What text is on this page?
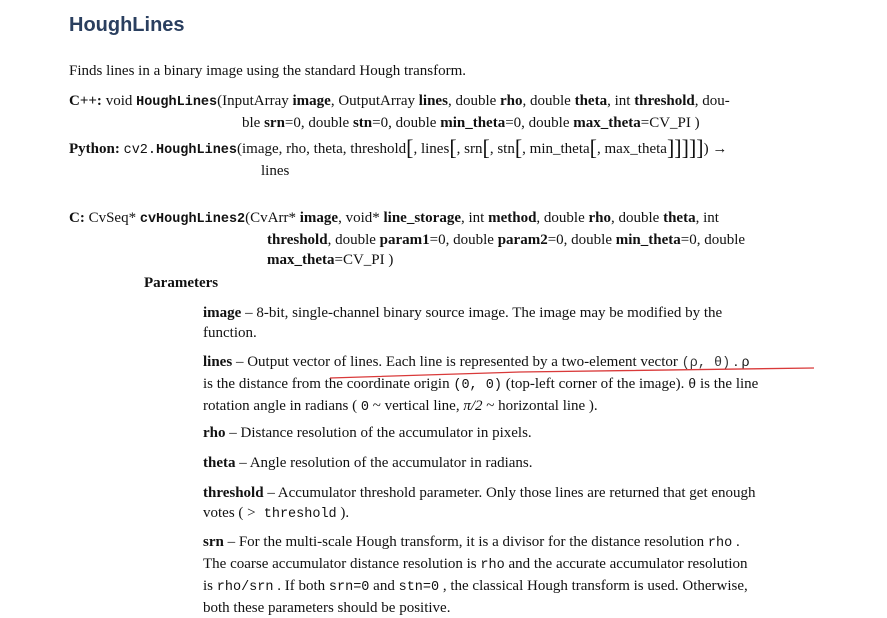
HoughLines

Finds lines in a binary image using the standard Hough transform.

C++: void HoughLines(InputArray image, OutputArray lines, double rho, double theta, int threshold, dou-
ble srn=0, double stn=0, double min_theta=0, double max_theta=CV_PI )
Python: cv2.HoughLines(image, rho, theta, threshold[, lines[, srn[, stn[, min_theta[, max_theta]]]]]) →
lines
C: CvSeq* cvHoughLines2(CvArr* image, void* line_storage, int method, double rho, double theta, int
threshold, double param1=0, double param2=0, double min_theta=0, double
max_theta=CV_PI )
Parameters
image – 8-bit, single-channel binary source image. The image may be modified by the
function.
lines – Output vector of lines. Each line is represented by a two-element vector (ρ, θ) . ρ
is the distance from the coordinate origin (0, 0) (top-left corner of the image). θ is the line
rotation angle in radians ( 0 ~ vertical line, π/2 ~ horizontal line ).
rho – Distance resolution of the accumulator in pixels.
theta – Angle resolution of the accumulator in radians.
threshold – Accumulator threshold parameter. Only those lines are returned that get enough
votes ( > threshold ).
srn – For the multi-scale Hough transform, it is a divisor for the distance resolution rho .
The coarse accumulator distance resolution is rho and the accurate accumulator resolution
is rho/srn . If both srn=0 and stn=0 , the classical Hough transform is used. Otherwise,
both these parameters should be positive.
